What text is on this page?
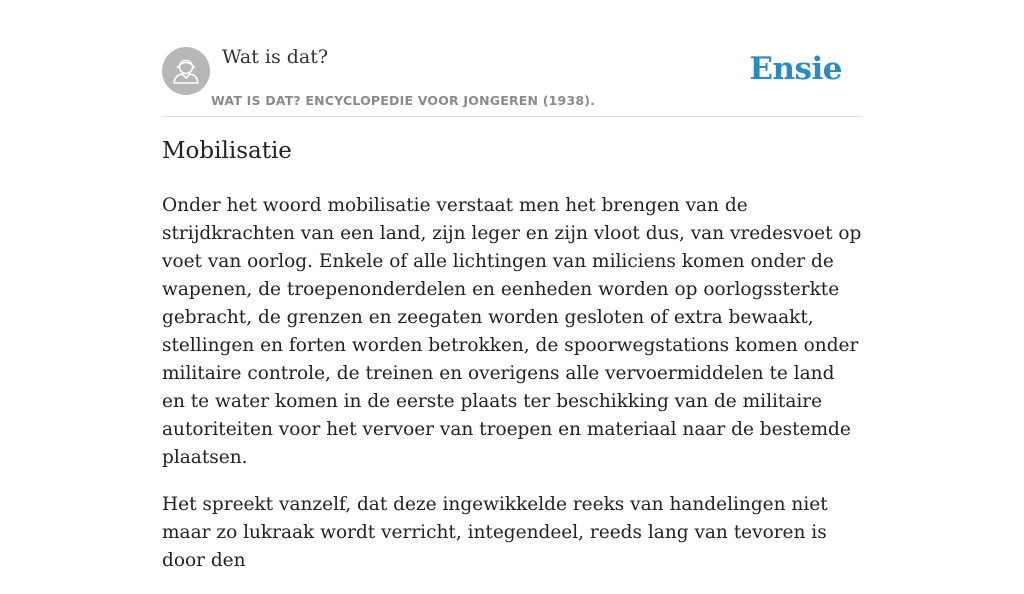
Wat is dat?
WAT IS DAT? ENCYCLOPEDIE VOOR JONGEREN (1938).
Ensie
Mobilisatie

Onder het woord mobilisatie verstaat men het brengen van de strijdkrachten van een land, zijn leger en zijn vloot dus, van vredesvoet op voet van oorlog. Enkele of alle lichtingen van miliciens komen onder de wapenen, de troepenonderdelen en eenheden worden op oorlogssterkte gebracht, de grenzen en zeegaten worden gesloten of extra bewaakt, stellingen en forten worden betrokken, de spoorwegstations komen onder militaire controle, de treinen en overigens alle vervoermiddelen te land en te water komen in de eerste plaats ter beschikking van de militaire autoriteiten voor het vervoer van troepen en materiaal naar de bestemde plaatsen.

Het spreekt vanzelf, dat deze ingewikkelde reeks van handelingen niet maar zo lukraak wordt verricht, integendeel, reeds lang van tevoren is door den
